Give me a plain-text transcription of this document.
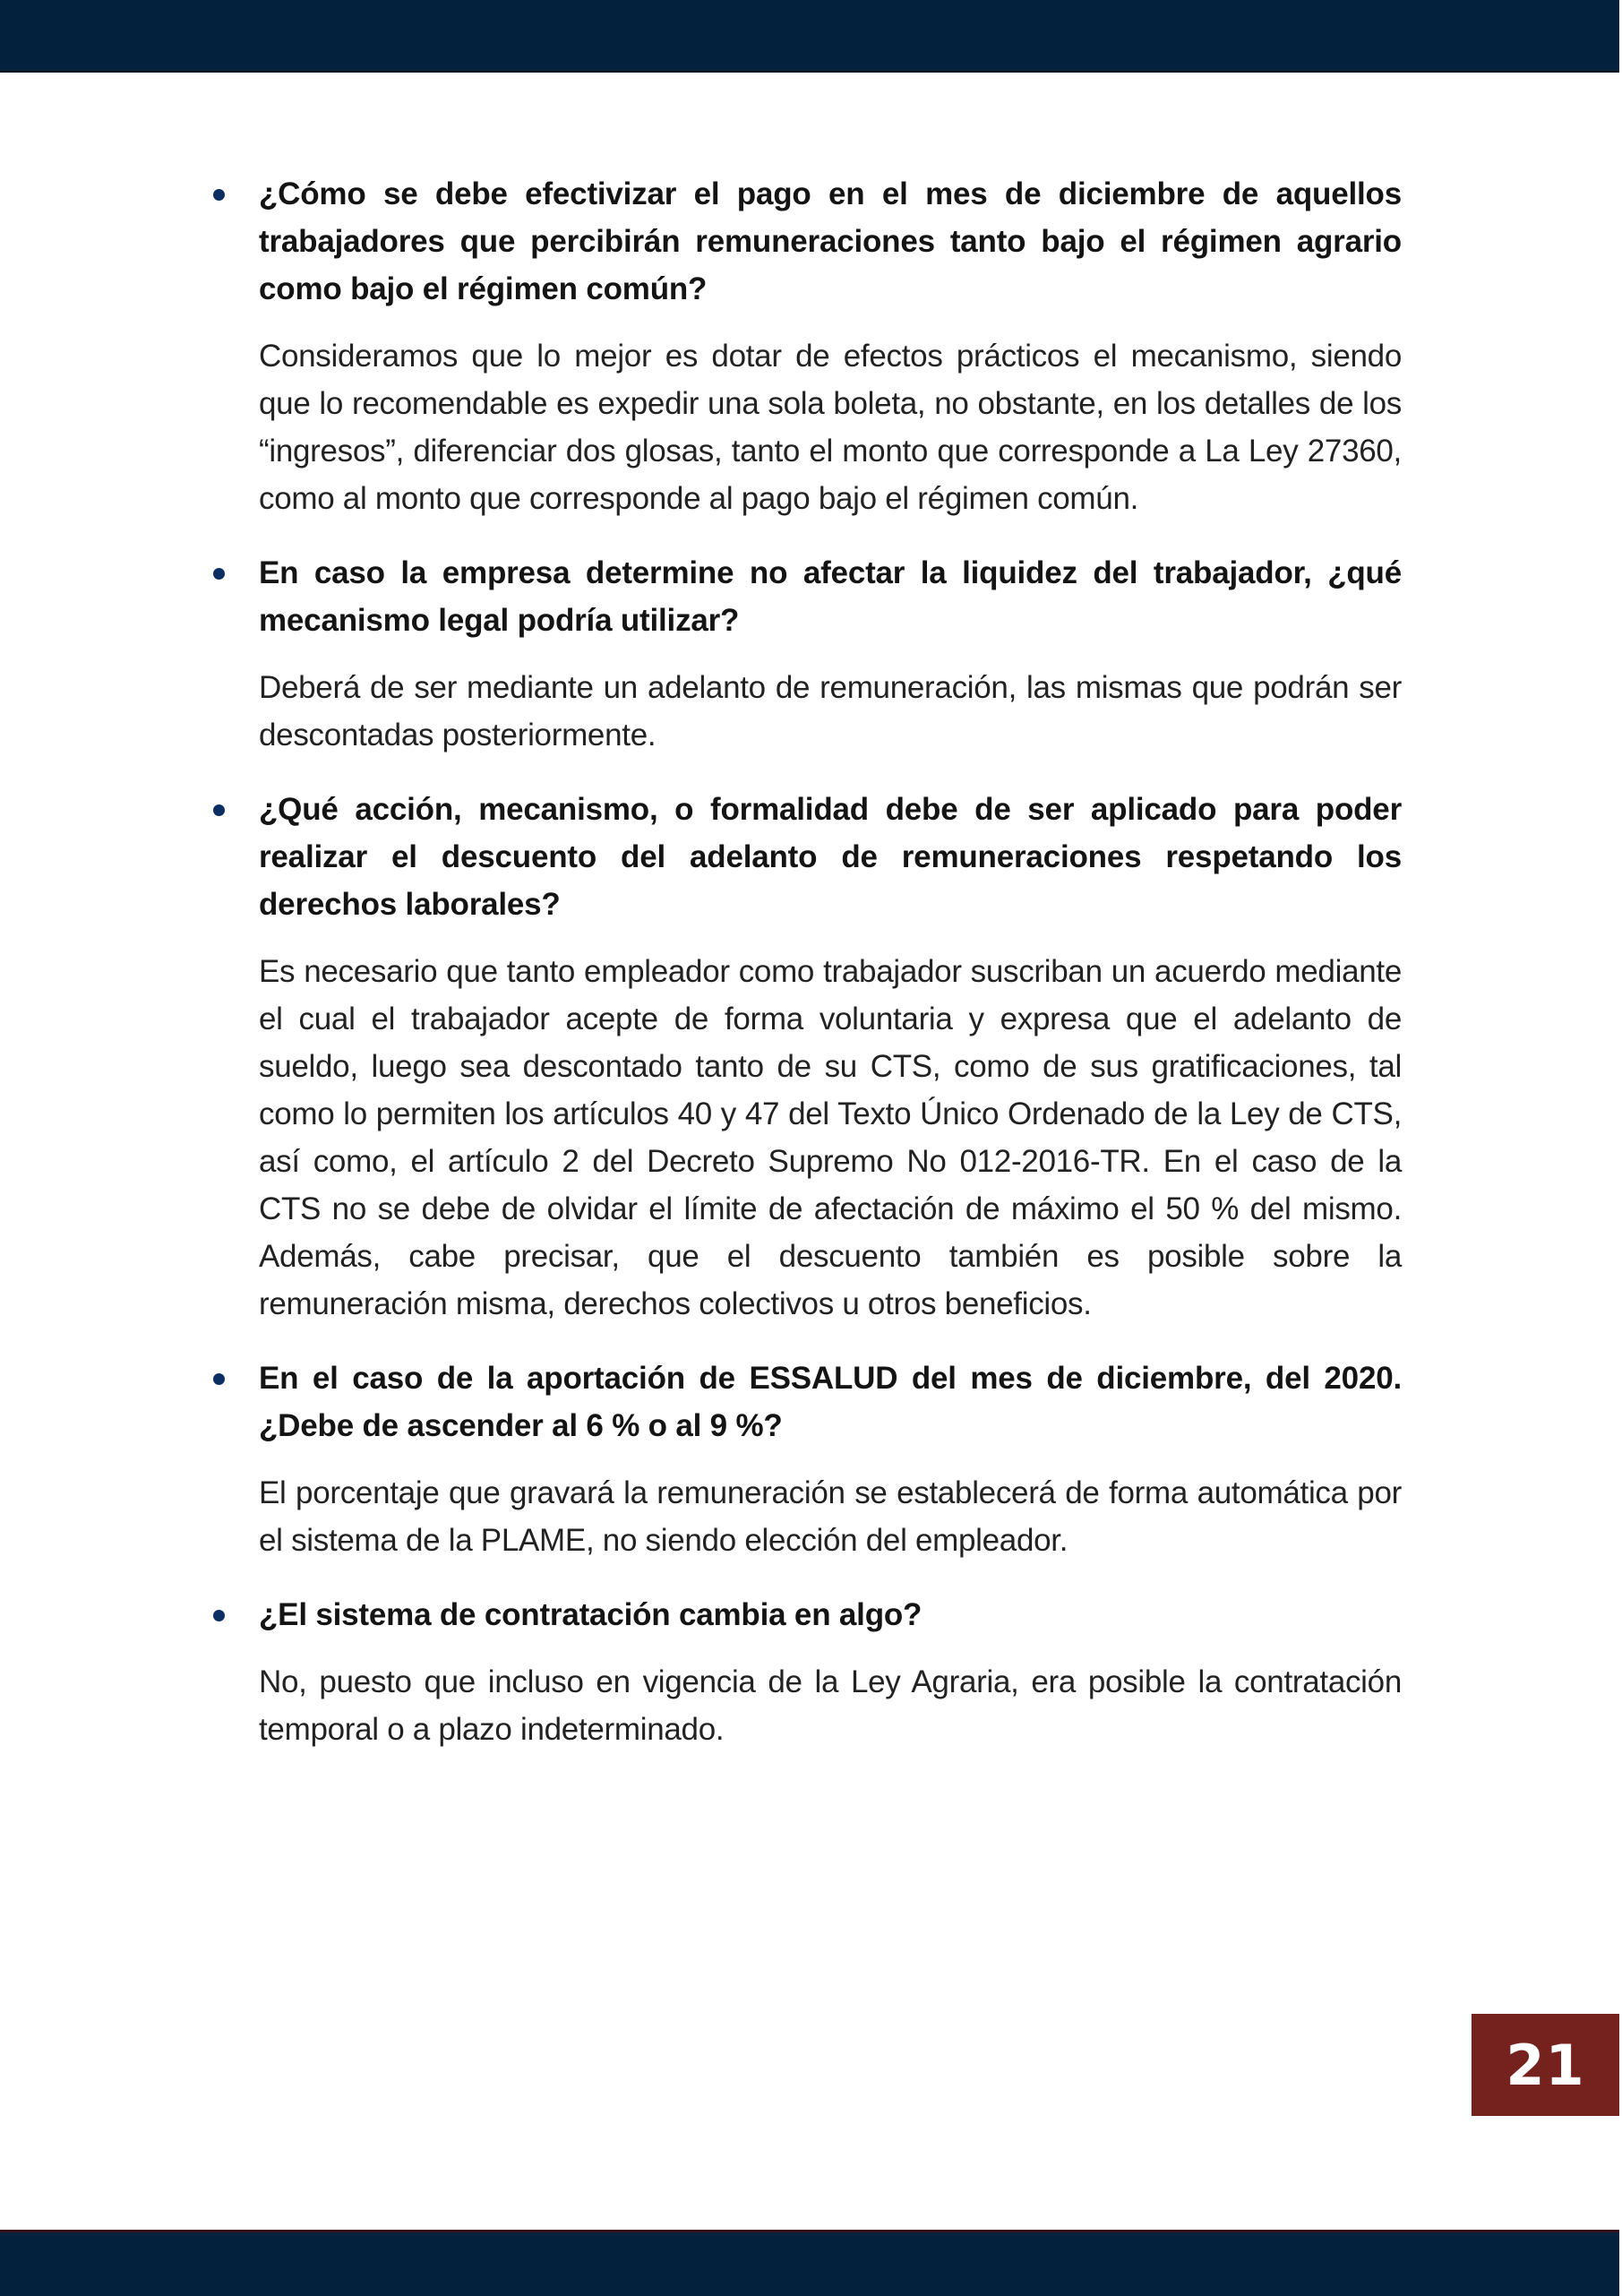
¿Cómo se debe efectivizar el pago en el mes de diciembre de aquellos trabajadores que percibirán remuneraciones tanto bajo el régimen agrario como bajo el régimen común?
Consideramos que lo mejor es dotar de efectos prácticos el mecanismo, siendo que lo recomendable es expedir una sola boleta, no obstante, en los detalles de los “ingresos”, diferenciar dos glosas, tanto el monto que corresponde a La Ley 27360, como al monto que corresponde al pago bajo el régimen común.
En caso la empresa determine no afectar la liquidez del trabajador, ¿qué mecanismo legal podría utilizar?
Deberá de ser mediante un adelanto de remuneración, las mismas que podrán ser descontadas posteriormente.
¿Qué acción, mecanismo, o formalidad debe de ser aplicado para poder realizar el descuento del adelanto de remuneraciones respetando los derechos laborales?
Es necesario que tanto empleador como trabajador suscriban un acuerdo mediante el cual el trabajador acepte de forma voluntaria y expresa que el adelanto de sueldo, luego sea descontado tanto de su CTS, como de sus gratificaciones, tal como lo permiten los artículos 40 y 47 del Texto Único Ordenado de la Ley de CTS, así como, el artículo 2 del Decreto Supremo No 012-2016-TR. En el caso de la CTS no se debe de olvidar el límite de afectación de máximo el 50 % del mismo. Además, cabe precisar, que el descuento también es posible sobre la remuneración misma, derechos colectivos u otros beneficios.
En el caso de la aportación de ESSALUD del mes de diciembre, del 2020. ¿Debe de ascender al 6 % o al 9 %?
El porcentaje que gravará la remuneración se establecerá de forma automática por el sistema de la PLAME, no siendo elección del empleador.
¿El sistema de contratación cambia en algo?
No, puesto que incluso en vigencia de la Ley Agraria, era posible la contratación temporal o a plazo indeterminado.
21
